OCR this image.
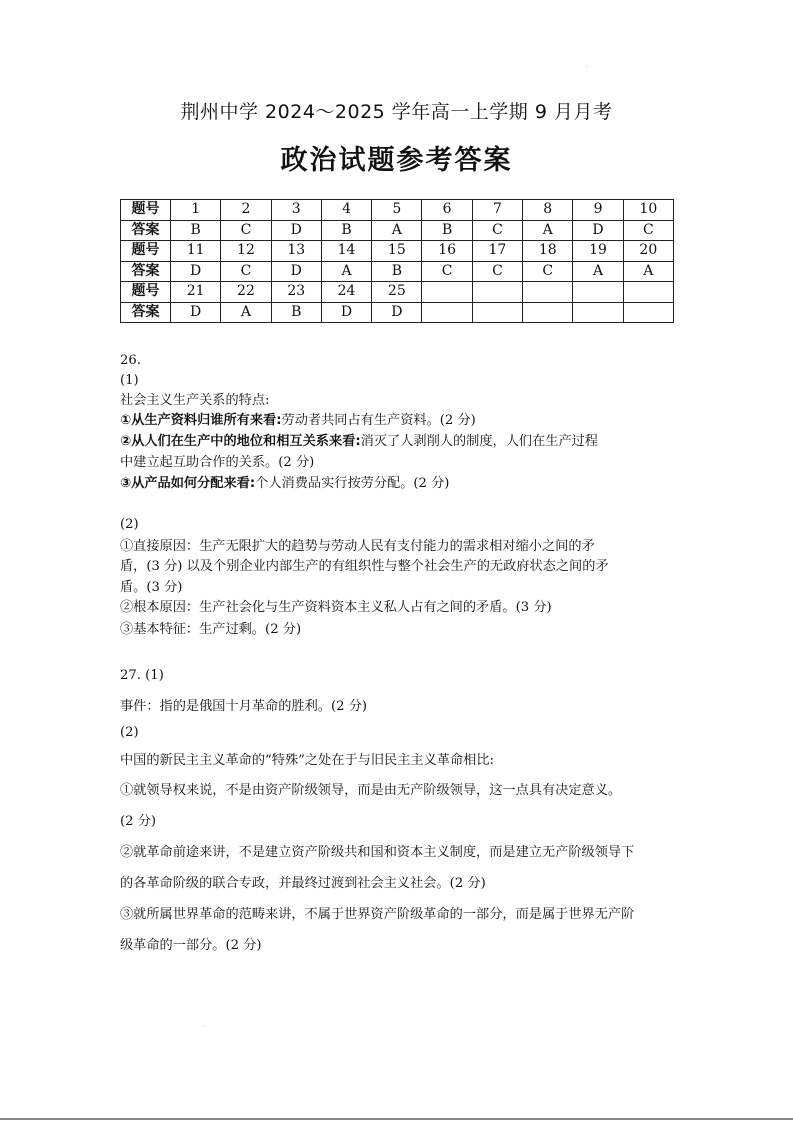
.
.
荆州中学 2024～2025 学年高一上学期 9 月月考
政治试题参考答案
题号	1	2	3	4	5	6	7	8	9	10
答案	B	C	D	B	A	B	C	A	D	C
题号	11	12	13	14	15	16	17	18	19	20
答案	D	C	D	A	B	C	C	C	A	A
题号	21	22	23	24	25					
答案	D	A	B	D	D					
26.
(1)
社会主义生产关系的特点:
①从生产资料归谁所有来看:劳动者共同占有生产资料。(2 分)
②从人们在生产中的地位和相互关系来看:消灭了人剥削人的制度，人们在生产过程
中建立起互助合作的关系。(2 分)
③从产品如何分配来看:个人消费品实行按劳分配。(2 分)
(2)
①直接原因：生产无限扩大的趋势与劳动人民有支付能力的需求相对缩小之间的矛
盾，(3 分) 以及个别企业内部生产的有组织性与整个社会生产的无政府状态之间的矛
盾。(3 分)
②根本原因：生产社会化与生产资料资本主义私人占有之间的矛盾。(3 分)
③基本特征：生产过剩。(2 分)
27. (1)
事件：指的是俄国十月革命的胜利。(2 分)
(2)
中国的新民主主义革命的“特殊”之处在于与旧民主主义革命相比:
①就领导权来说，不是由资产阶级领导，而是由无产阶级领导，这一点具有决定意义。
(2 分)
②就革命前途来讲，不是建立资产阶级共和国和资本主义制度，而是建立无产阶级领导下
的各革命阶级的联合专政，并最终过渡到社会主义社会。(2 分)
③就所属世界革命的范畴来讲，不属于世界资产阶级革命的一部分，而是属于世界无产阶
级革命的一部分。(2 分)
